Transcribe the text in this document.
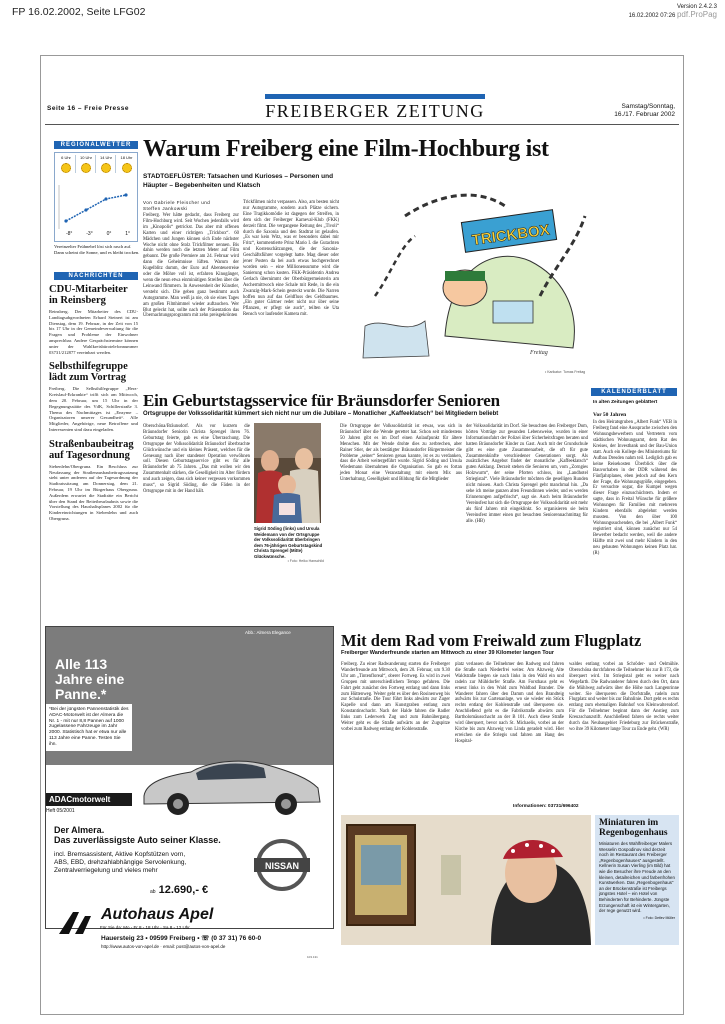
FP 16.02.2002, Seite LFG02	Version 2.4.2.3
16.02.2002 07:26 pdf.ProPag
Seite 16 – Freie Presse	FREIBERGER ZEITUNG	Samstag/Sonntag,
16./17. Februar 2002
REGIONALWETTER
6 Uhr	10 Uhr	14 Uhr	18 Uhr
-8°	-3°	0°	1°
Vereinzelter Frühnebel löst sich rasch auf. Dann scheint die Sonne, und es bleibt trocken.
NACHRICHTEN
CDU-Mitarbeiter in Reinsberg
Reinsberg. Der Mitarbeiter des CDU-Landtagsabgeordneten Erhard Steinert ist am Dienstag, dem 19. Februar, in der Zeit von 15 bis 17 Uhr in der Gemeindeverwaltung für die Fragen und Probleme der Einwohner ansprechbar. Andere Gesprächstermine können unter der Wahlkreisbürotelefonnummer 03731/212877 vereinbart werden.
Selbsthilfegruppe lädt zum Vortrag
Freiberg. Die Selbsthilfegruppe „Herz-Kreislauf-Erkrankte“ trifft sich am Mittwoch, dem 20. Februar, um 15 Uhr in der Begegnungsstätte des VdK, Schillerstraße 3. Thema des Nachmittages ist „Enzyme – Organisatoren unserer Gesundheit“. Alle Mitglieder, Angehörige, neue Betroffene und Interessenten sind dazu eingeladen.
Straßenbaubeitrag auf Tagesordnung
Siebenlehn/Obergruna. Ein Beschluss zur Neufassung der Straßenausbaubeitragssatzung steht unter anderem auf der Tagesordnung der Stadtratssitzung am Donnerstag, dem 21. Februar, 19 Uhr im Bürgerhaus Obergruna. Außerdem erwartet die Stadträte ein Bericht über den Stand der Beiteibeurlaubnis sowie die Vorstellung des Haushaltsplanes 2002 für die Kindereinrichtungen in Siebenlehn und auch Obergruna.
Warum Freiberg eine Film-Hochburg ist
STADTGEFLÜSTER: Tatsachen und Kurioses – Personen und Häupter – Begebenheiten und Klatsch
Von Gabriele Fleischer und
Steffen Jankowski
Freiberg. Wer hätte gedacht, dass Freiberg zur Film-Hochburg wird. Seit Wochen jedenfalls wird im „Kinopolis“ getrickst. Das aber mit offenen Karten und einer richtigen „Trickbox“. 60 Mädchen und Jungen können sich Ende nächster Woche nicht ohne Stolz Trickfilmer nennen. Bis dahin werden noch die letzten Meter auf Film gebannt. Die große Premiere am 24. Februar wird dann die Geheimnisse lüften. Warum der Kugelblitz dumm, der Euro auf Abenteuerreise oder die Möhre voll ist, erfahren Kinogänger, wenn die neun etwa einminütigen Streifen über die Leinwand flimmern. In Anwesenheit der Künstler, versteht sich. Die geben ganz bestimmt auch Autogramme. Man weiß ja nie, ob sie eines Tages am großen Filmhimmel wieder auftauchen. Wer Blut geleckt hat, sollte nach der Präsentation das Übernachtungsprogramm mit zehn preisgekrönten
Trickfilmen nicht verpassen. Also, am besten nicht nur Autogramme, sondern auch Plätze sichern. Eine Tragikkomödie ist dagegen der Streifen, in dem sich der Freiberger Karneval-Klub (FKK) derzeit filmt. Die vergangene Reitung des „Tivoli“ durch die Saxonia und den Stadtrat ist gelaufen. „Es war kein Witz, was er besonders dabei mir Fritz“, kommentierte Prinz Mario I. die Gutachten und Kostenschätzungen, die der Saxonia-Geschäftsführer vorgelegt hatte. Mag dieser oder jener Posten da bei auch etwas hochgerechnet worden sein – eine Millionensumme wird die Sanierung schon kosten. FKK-Präsidentin Andrea Gerlach übernimmt der Oberbürgermeisterin am Aschermittwoch eine Schale mit Rede, in die ein Zwanzig-Mark-Schein gesteckt wurde. Die Narren hoffen nun auf das Geldfluss des Geldbaumes. „Ein guter Gärtner redet nicht nur über seine Pflanzen, er pflegt sie auch“, teilten sie Uta Rensch vor laufender Kamera mit.
TRICKBOX
Freitag
• Karikatur: Tomas Freitag
KALENDERBLATT
In alten Zeitungen geblättert
Vor 50 Jahren
In den Heiratsgruben „Albert Funk“ VEB in Freiberg fand eine Aussprache zwischen den Wohnungsbewerbern und Vertretern vom städtischen Wohnungsamt, dem Rat des Kreises, der Investbank und der Bau-Union statt. Auch ein Kollege des Ministeriums für Aufbau Dresden nahm teil. Lediglich gab es keine Reisekosten Überblick über die Bauvorhaben in der DDR während des Fünfjahrplanes, eben jedoch auf den Kern der Frage, die Wohnungsgröße, eingegeben. Er versuchte sogar, die Kumpel wegen dieser Frage einzuschüchtern. Indem er sagte, dass in Freital Wünsche für größere Wohnungen für Familien mit mehreren Kindern ebenfalls abgelehnt werden mussten. Von den über 100 Wohnungssuchenden, die bei „Albert Funk“ registriert sind, können zunächst nur 54 Bewerber bedacht werden, weil die andere Hälfte mit zwei und mehr Kindern in den neu gebauten Wohnungen keinen Platz hat. (R)
Ein Geburtstagsservice für Bräunsdorfer Senioren
Ortsgruppe der Volkssolidarität kümmert sich nicht nur um die Jubilare – Monatlicher „Kaffeeklatsch“ bei Mitgliedern beliebt
Oberschöna/Bräunsdorf. Als vor kurzem die Bräunsdorfer Seniorin Christa Sprengel ihren 76. Geburtstag feierte, gab es eine Überraschung. Die Ortsgruppe der Volkssolidarität Bräunsdorf überbrachte Glückwünsche und ein kleines Präsent, welches für die Genesung nach über standener Operation verwöhnen soll. Diesen Geburtstagsservice gibt es für alle Bräunsdorfer ab 75 Jahren. „Das mit wollen wir den Zusammenhalt stärken, die Geselligkeit im Alter fördern und auch zeigen, dass sich keiner vergessen vorkommen muss“, so Sigrid Söding, die die Fäden in der Ortsgruppe mit in der Hand hält.
Sigrid Söding (links) und Ursula Weidemann von der Ortsgruppe der Volkssolidarität überbringen dem 76-jährigen Geburtstagskind Christa Sprengel (Mitte) Glückwünsche.
• Foto: Heiko Hanschild
Die Ortsgruppe der Volkssolidarität ist etwas, was sich in Bräunsdorf über die Wende gerettet hat. Schon seit mindestens 50 Jahren gibt es im Dorf einen Anlaufpunkt für ältere Menschen. Mit der Wende drohte dies zu zerbrechen, aber Rainer Stier, der als bestätigter Bräunsdorfer Bürgermeister die Probleme „seiner“ Senioren genau kannte, ist es zu verdanken, dass die Arbeit weitergeführt wurde. Sigrid Söding und Ursula Wiedemann übernahmen die Organisation. So gab es fortan jeden Monat eine Veranstaltung mit einem Mix aus Unterhaltung, Geselligkeit und Bildung für die Mitglieder
der Volkssolidarität im Dorf. Sie besuchten den Freiberger Dom, hörten Vorträge zur gesunden Lebensweise, wurden in einer Informationsfahrt der Polizei über Sicherheitsfragen beraten und hatten Bräunsdorfer Kinder zu Gast. Auch mit der Grundschule gibt es eine gute Zusammenarbeit, die oft für gute Zusammenkünfte verschiedener Generationen sorgt. Als zusätzliches Angebot findet der monatliche „Kaffeeklatsch“ guten Anklang. Derzeit stehen die Senioren um, vom „Zorngies Holzwurm“, der seine Pforten schloss, ins „Landhotel Striegistal“. Viele Bräunsdorfer möchten die geselligen Runden nicht missen. Auch Christa Sprengel geht manchmal hin. „Da sehe ich meine ganzen alten Freundinnen wieder, und es werden Erinnerungen aufgefrischt“, sagt sie. Auch beim Bräunsdorfer Vereinsfest hat sich die Ortsgruppe der Volkssolidarität seit mehr als fünf Jahren mit eingeklinkt. So organisieren sie beim Vereinsfest immer einen gut besuchten Seniorennachmittag für alle. (HB)
Abb.: Almera Elegance
Alle 113
Jahre eine
Panne.*
*Bei der jüngsten Pannenstatistik des ADAC-Motorwelt ist der Almera die Nr. 1 - mit nur 8,8 Pannen auf 1000 zugelassene Fahrzeuge im Jahr 2000. Statistisch hat er etwa nur alle 113 Jahre eine Panne. Testen Sie ihn.
ADACmotorwelt
Heft 05/2001
Der Almera.
Das zuverlässigste Auto seiner Klasse.
incl. Bremsassistent, Aktive Kopfstützen vorn,
ABS, EBD, drehzahlabhängige Servolenkung,
Zentralverriegelung und vieles mehr
ab 12.690,- €
NISSAN
Autohaus Apel
Für Sie da: Mo - Fr 8 - 18 Uhr · Sa 8 - 12 Uhr
Hauersteig 23 • 09599 Freiberg • ☏ (0 37 31) 76 60-0
http://www.autos-von-apel.de · email: post@autos-von-apel.de
103.131
Mit dem Rad vom Freiwald zum Flugplatz
Freiberger Wanderfreunde starten am Mittwoch zu einer 39 Kilometer langen Tour
Freiberg. Zu einer Radwanderung starten die Freiberger Wanderfreunde am Mittwoch, dem 20. Februar, um 9.30 Uhr am „Tintenfloreal“, oberer Fortweg. Es wird in zwei Gruppen mit unterschiedlichem Tempo gefahren. Die Fahrt geht zunächst den Fortweg entlang und dann links zum Hüttenweg. Weiter geht es über den Rosinenweg bis zur Schulstraße. Die Tour führt links abwärts zur Zuger Kapelle und dann am Kunstgraben entlang zum Konstantinschacht. Nach der Halde fahren die Radler links zum Lederwerk Zug und zum Bahnübergang. Weiter geht es die Straße aufwärts an der Zugspitze vorbei zum Radweg entlang der Kohlenstraße.
platz verlassen die Teilnehmer den Radweg und fahren die Straße nach Niederfrei weiter. Am Abzweig Alte Waldstraße biegen sie nach links in den Wald ein und radeln zur Mühldorfer Straße. Am Forsthaus geht es erneut links in den Wald zum Waldbad Brander. Die Wanderer fahren über den Damm und den Brandteig aufwärts bis zur Gartenanlage, wo sie wieder ein Stück rechts entlang der Kohlenstraße und überqueren sie. Anschließend geht es die Fabrikstraße abwärts zum Bartholomäusschacht an der B 101. Auch diese Straße wird überquert, bevor nach St. Michaelis, vorbei an der Kirche bis zum Abzweig von Linda geradelt wird. Hier erreichen sie die Striegis und fahren am Hang des Hospital-
waldes entlang vorbei an Schröder- und Oelmühle. Oberschöna durchfahren die Teilnehmer bis zur B 173, die überquert wird. Im Striegistal geht es weiter nach Wegefarth. Die Radwanderer fahren durch den Ort, dann die Mühlweg aufwärts über die Höhe nach Langenrinne weiter. Sie überqueren die Dorfstraße, radeln zum Flugplatz und weiter bis zur Bahnlinie. Dort geht es rechts entlang zum ehemaligen Bahnhof von Kleinwaltersdorf. Für die Teilnehmer beginnt dann der Anstieg zum Kreuzschanzstift. Anschließend fahren sie rechts weiter durch das Neubaugebiet Friedeburg zur Brückenstraße, wo ihre 39 Kilometer lange Tour zu Ende geht. (WR)
Informationen: 03731/696402
Miniaturen im Regenbogenhaus
Miniaturen des Wahlfreiberger Malers Wesselin Gospodinov sind derzeit noch im Restaurant des Freiberger „Regenbogenhauses“ ausgestellt. Kellnerin Susan Vierling (im Bild) hat wie die Besucher ihre Freude an den kleinen, detailreichen und farbenfrohen Kunstwerken. Das „Regenbogenhaus“ an der Brückenstraße ist Freibergs jüngstes Hotel – ein Hotel von Behinderten für Behinderte. Jüngste Erzungenschaft ist ein Wintergarten, der rege genutzt wird.
• Foto: Detlev Müller
